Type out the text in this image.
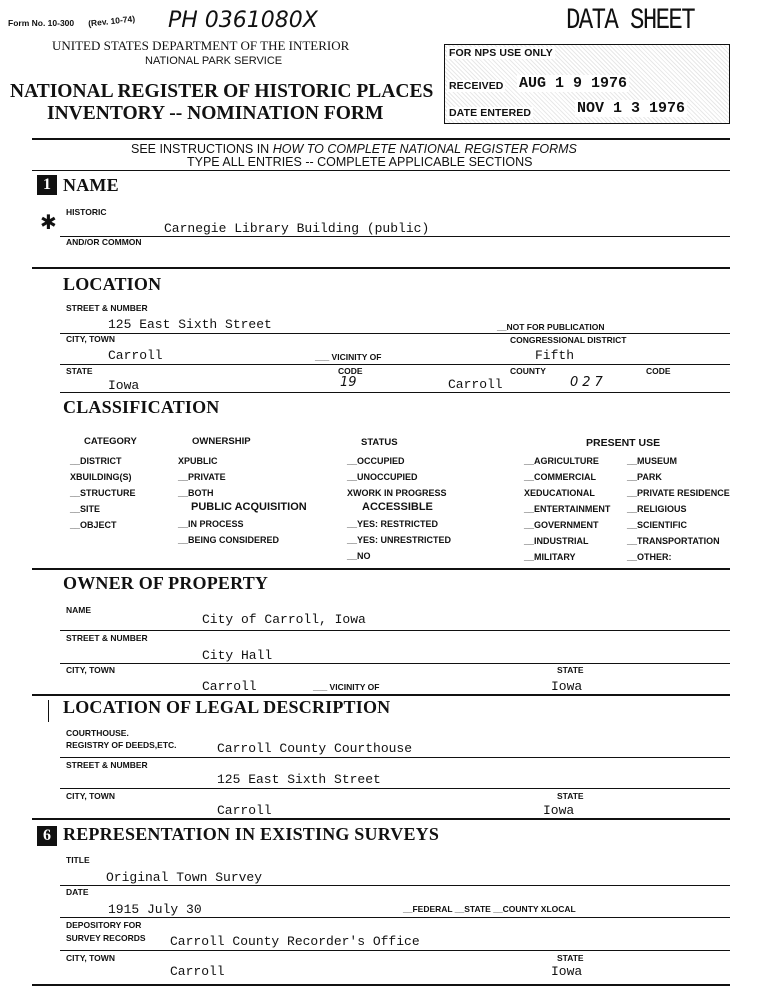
Form No. 10-300 (Rev. 10-74) PH 0361080X
UNITED STATES DEPARTMENT OF THE INTERIOR
NATIONAL PARK SERVICE
NATIONAL REGISTER OF HISTORIC PLACES
INVENTORY -- NOMINATION FORM
DATA SHEET
FOR NPS USE ONLY
RECEIVED AUG 1 9 1976
DATE ENTERED	NOV 1 3 1976
SEE INSTRUCTIONS IN HOW TO COMPLETE NATIONAL REGISTER FORMS
TYPE ALL ENTRIES -- COMPLETE APPLICABLE SECTIONS
1 NAME
HISTORIC
✱	Carnegie Library Building (public)
AND/OR COMMON
LOCATION
STREET & NUMBER
125 East Sixth Street	__NOT FOR PUBLICATION
CITY, TOWN	CONGRESSIONAL DISTRICT
Carroll	___ VICINITY OF	Fifth
STATE	CODE	COUNTY	CODE
Iowa	19	Carroll	027
CLASSIFICATION
CATEGORY
__DISTRICT
XBUILDING(S)
__STRUCTURE
__SITE
__OBJECT
OWNERSHIP
XPUBLIC
__PRIVATE
__BOTH
PUBLIC ACQUISITION
__IN PROCESS
__BEING CONSIDERED
STATUS
__OCCUPIED
__UNOCCUPIED
XWORK IN PROGRESS
ACCESSIBLE
__YES: RESTRICTED
__YES: UNRESTRICTED
__NO
PRESENT USE
__AGRICULTURE
__COMMERCIAL
XEDUCATIONAL
__ENTERTAINMENT
__GOVERNMENT
__INDUSTRIAL
__MILITARY
__MUSEUM
__PARK
__PRIVATE RESIDENCE
__RELIGIOUS
__SCIENTIFIC
__TRANSPORTATION
__OTHER:
OWNER OF PROPERTY
NAME
City of Carroll, Iowa
STREET & NUMBER
City Hall
CITY, TOWN	STATE
Carroll	___ VICINITY OF	Iowa
LOCATION OF LEGAL DESCRIPTION
COURTHOUSE.
REGISTRY OF DEEDS,ETC.	Carroll County Courthouse
STREET & NUMBER
125 East Sixth Street
CITY, TOWN	STATE
Carroll	Iowa
6 REPRESENTATION IN EXISTING SURVEYS
TITLE
Original Town Survey
DATE
1915 July 30	__FEDERAL __STATE __COUNTY XLOCAL
DEPOSITORY FOR
SURVEY RECORDS Carroll County Recorder's Office
CITY, TOWN	STATE
Carroll	Iowa
